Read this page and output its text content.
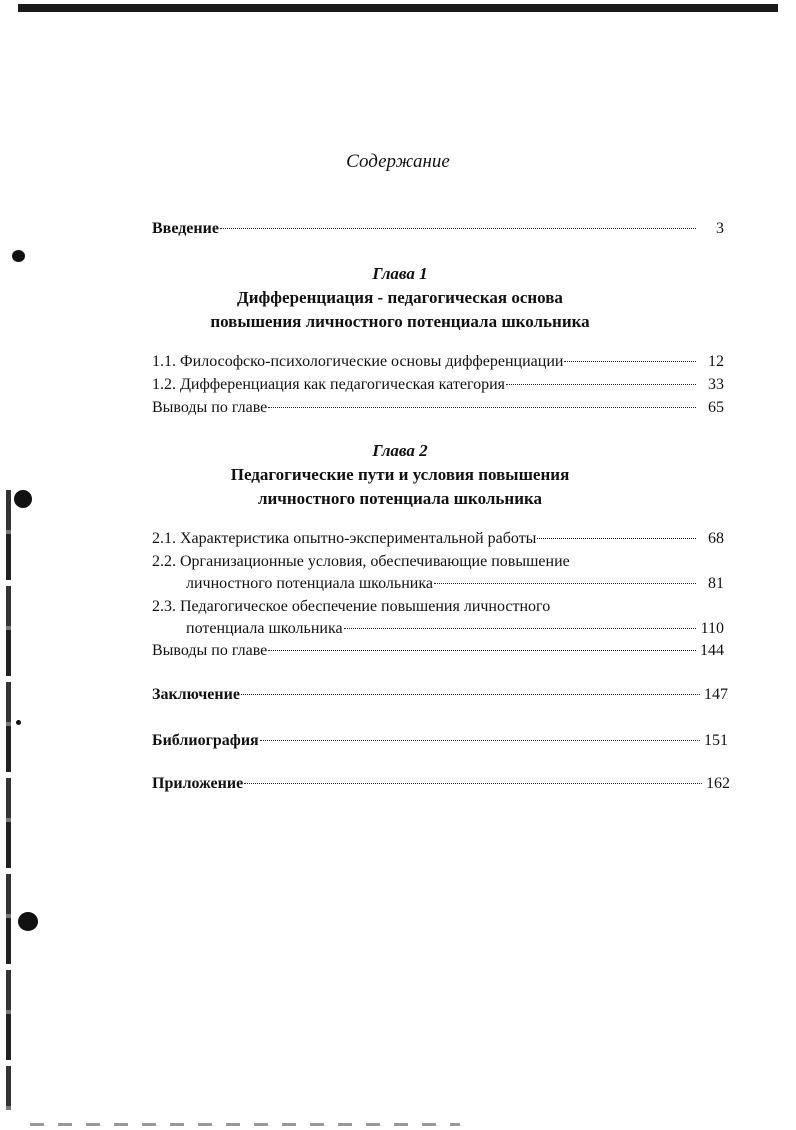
Содержание
Введение	3
Глава 1
Дифференциация - педагогическая основа
повышения личностного потенциала школьника
1.1. Философско-психологические основы дифференциации	12
1.2. Дифференциация как педагогическая категория	33
Выводы по главе	65
Глава 2
Педагогические пути и условия повышения
личностного потенциала школьника
2.1. Характеристика опытно-экспериментальной работы	68
2.2. Организационные условия, обеспечивающие повышение
личностного потенциала школьника	81
2.3. Педагогическое обеспечение повышения личностного
потенциала школьника	110
Выводы по главе	144
Заключение	147
Библиография	151
Приложение	162
